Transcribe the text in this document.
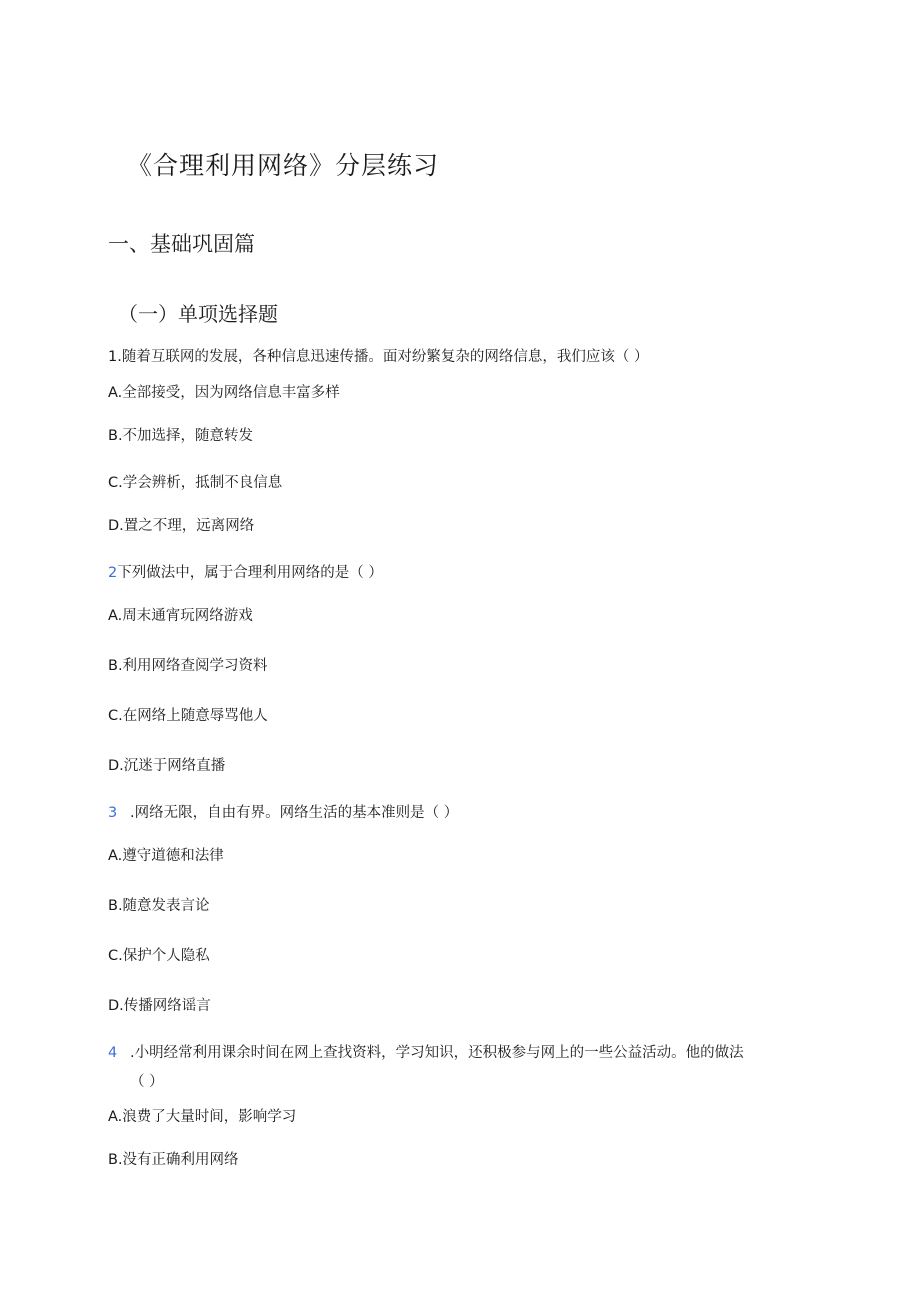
《合理利用网络》分层练习
一、基础巩固篇
（一）单项选择题
1.随着互联网的发展，各种信息迅速传播。面对纷繁复杂的网络信息，我们应该（ ）
A.全部接受，因为网络信息丰富多样
B.不加选择，随意转发
C.学会辨析，抵制不良信息
D.置之不理，远离网络
2下列做法中，属于合理利用网络的是（ ）
A.周末通宵玩网络游戏
B.利用网络查阅学习资料
C.在网络上随意辱骂他人
D.沉迷于网络直播
3 .网络无限，自由有界。网络生活的基本准则是（ ）
A.遵守道德和法律
B.随意发表言论
C.保护个人隐私
D.传播网络谣言
4 .小明经常利用课余时间在网上查找资料，学习知识，还积极参与网上的一些公益活动。他的做法
（ ）
A.浪费了大量时间，影响学习
B.没有正确利用网络
